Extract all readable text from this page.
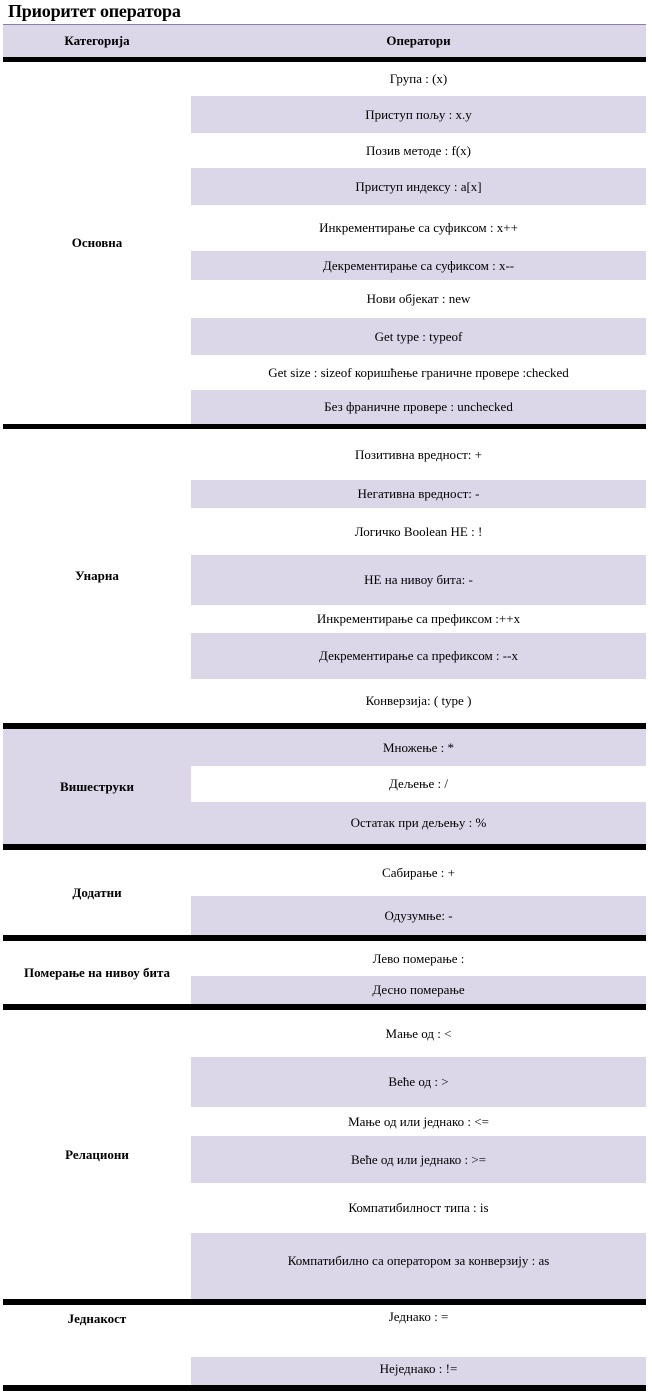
Приоритет оператора
Категорија	Оператори
Основна
Група : (x)
Приступ пољу : x.y
Позив методе : f(x)
Приступ индексу : a[x]
Инкрементирање са суфиксом : x++
Декрементирање са суфиксом : x--
Нови објекат : new
Get type : typeof
Get size : sizeof коришћење граничне провере :checked
Без франичне провере : unchecked
Унарна
Позитивна вредност: +
Негативна вредност: -
Логичко Boolean НЕ : !
НЕ на нивоу бита: -
Инкрементирање са префиксом :++x
Декрементирање са префиксом : --x
Конверзија: ( type )
Вишеструки
Множење : *
Дељење : /
Остатак при дељењу : %
Додатни
Сабирање : +
Одузумње: -
Померање на нивоу бита
Лево померање :
Десно померање
Релациони
Мање од : <
Веће од : >
Мање од или једнако : <=
Веће од или једнако : >=
Компатибилност типа : is
Компатибилно са оператором за конверзију : as
Једнакост	Једнако : =
Неједнако : !=
